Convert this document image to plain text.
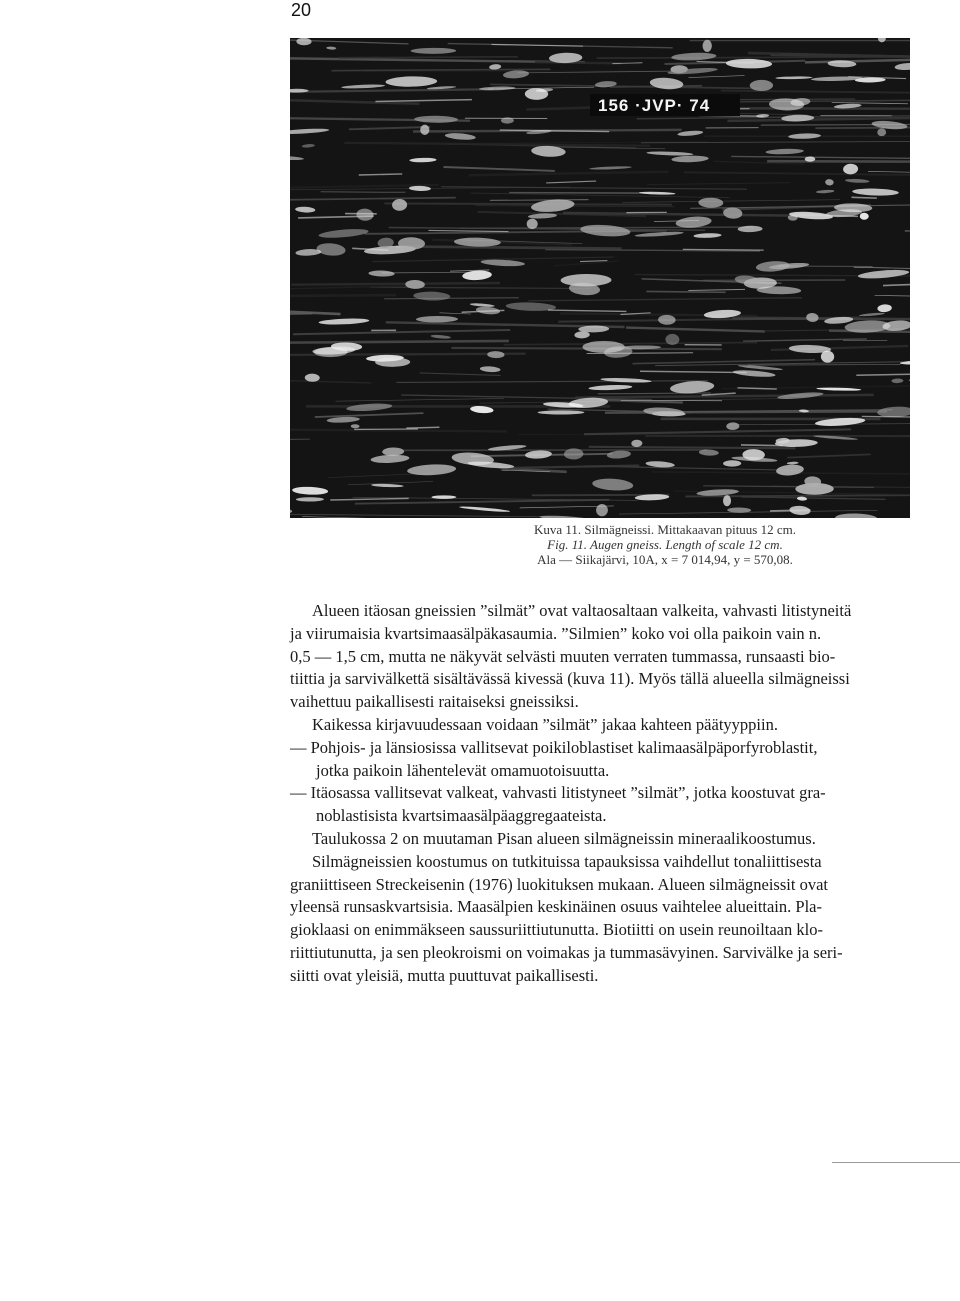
20
156 ·JVP· 74
Kuva 11. Silmägneissi. Mittakaavan pituus 12 cm.
Fig. 11. Augen gneiss. Length of scale 12 cm.
Ala — Siikajärvi, 10A, x = 7 014,94, y = 570,08.

Alueen itäosan gneissien ”silmät” ovat valtaosaltaan valkeita, vahvasti litistyneitä

ja viirumaisia kvartsimaasälpäkasaumia. ”Silmien” koko voi olla paikoin vain n.

0,5 — 1,5 cm, mutta ne näkyvät selvästi muuten verraten tummassa, runsaasti bio-

tiittia ja sarvivälkettä sisältävässä kivessä (kuva 11). Myös tällä alueella silmägneissi

vaihettuu paikallisesti raitaiseksi gneissiksi.

Kaikessa kirjavuudessaan voidaan ”silmät” jakaa kahteen päätyyppiin.

— Pohjois- ja länsiosissa vallitsevat poikiloblastiset kalimaasälpäporfyroblastit,

jotka paikoin lähentelevät omamuotoisuutta.

— Itäosassa vallitsevat valkeat, vahvasti litistyneet ”silmät”, jotka koostuvat gra-

noblastisista kvartsimaasälpäaggregaateista.

Taulukossa 2 on muutaman Pisan alueen silmägneissin mineraalikoostumus.

Silmägneissien koostumus on tutkituissa tapauksissa vaihdellut tonaliittisesta

graniittiseen Streckeisenin (1976) luokituksen mukaan. Alueen silmägneissit ovat

yleensä runsaskvartsisia. Maasälpien keskinäinen osuus vaihtelee alueittain. Pla-

gioklaasi on enimmäkseen saussuriittiutunutta. Biotiitti on usein reunoiltaan klo-

riittiutunutta, ja sen pleokroismi on voimakas ja tummasävyinen. Sarvivälke ja seri-

siitti ovat yleisiä, mutta puuttuvat paikallisesti.
